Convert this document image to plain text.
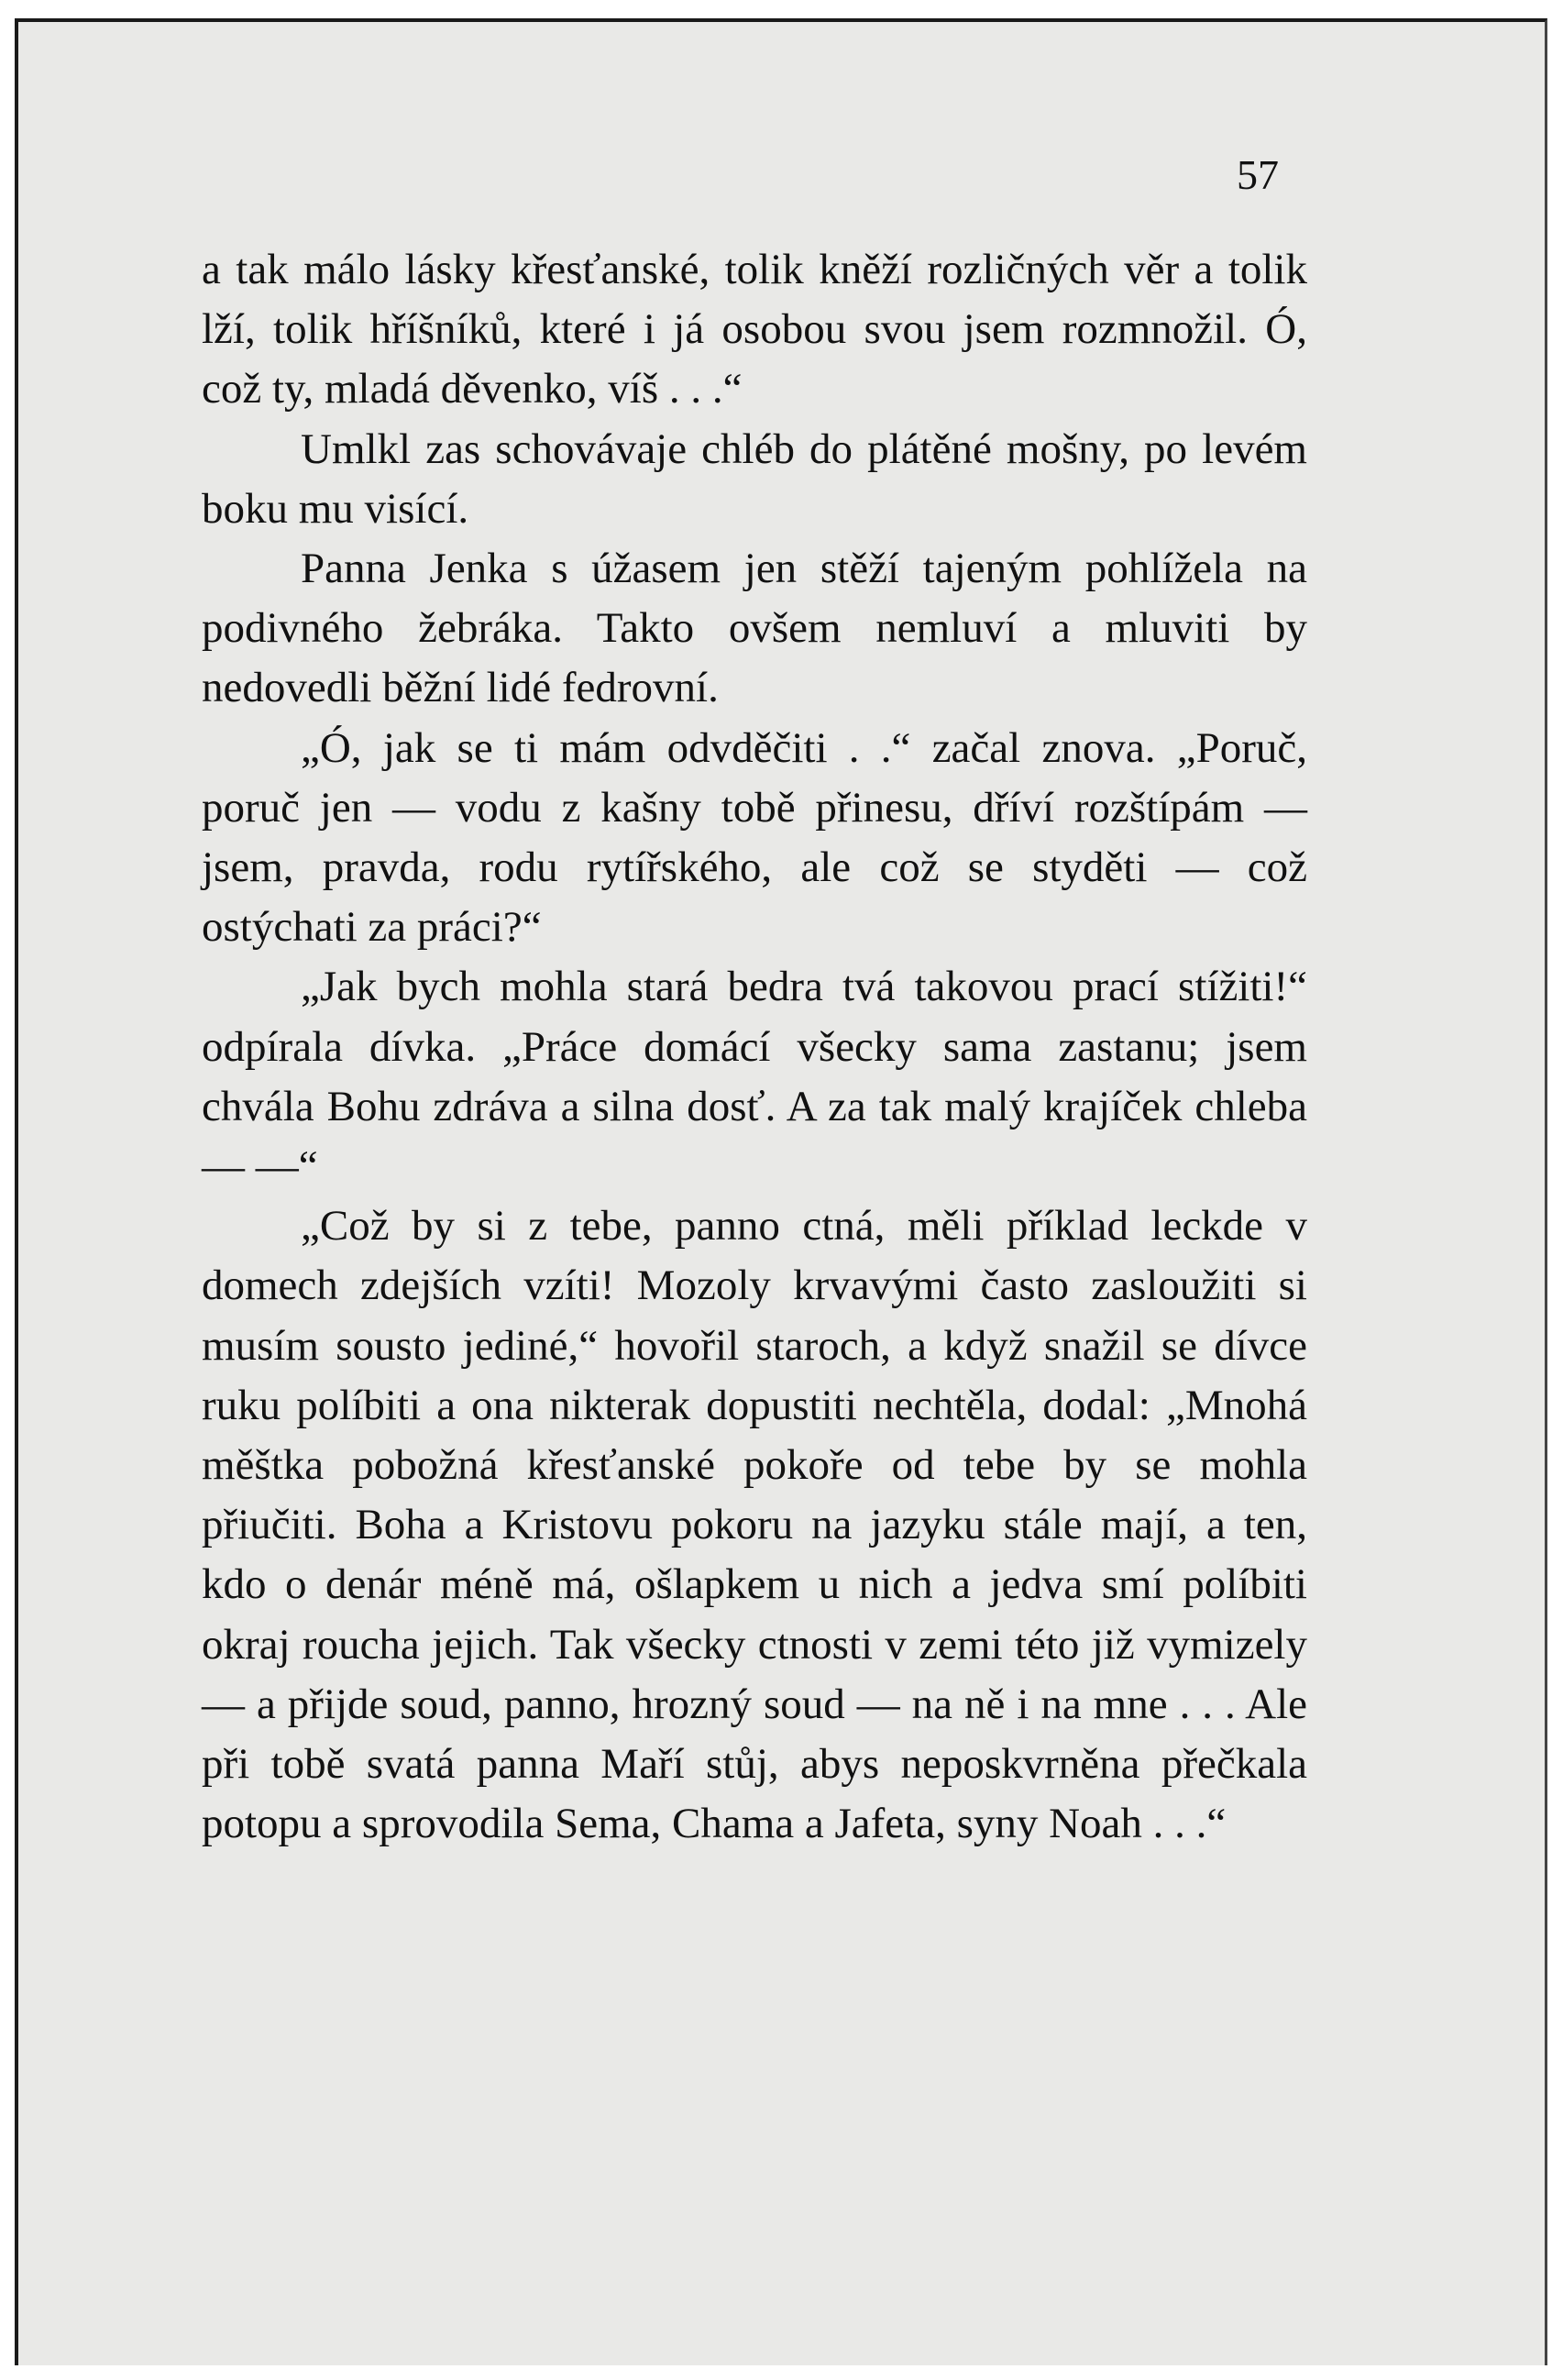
57

a tak málo lásky křesťanské, tolik kněží rozličných věr a tolik lží, tolik hříšníků, které i já osobou svou jsem rozmnožil. Ó, což ty, mladá děvenko, víš . . .“

Umlkl zas schovávaje chléb do plátěné mošny, po levém boku mu visící.

Panna Jenka s úžasem jen stěží tajeným pohlížela na podivného žebráka. Takto ovšem nemluví a mluviti by nedovedli běžní lidé fedrovní.

„Ó, jak se ti mám odvděčiti . .“ začal znova. „Poruč, poruč jen — vodu z kašny tobě přinesu, dříví rozštípám — jsem, pravda, rodu rytířského, ale což se styděti — což ostýchati za práci?“

„Jak bych mohla stará bedra tvá takovou prací stížiti!“ odpírala dívka. „Práce domácí všecky sama zastanu; jsem chvála Bohu zdráva a silna dosť. A za tak malý krajíček chleba — —“

„Což by si z tebe, panno ctná, měli příklad leckde v domech zdejších vzíti! Mozoly krvavými často zasloužiti si musím sousto jediné,“ hovořil staroch, a když snažil se dívce ruku políbiti a ona nikterak dopustiti nechtěla, dodal: „Mnohá měštka pobožná křesťanské pokoře od tebe by se mohla přiučiti. Boha a Kristovu pokoru na jazyku stále mají, a ten, kdo o denár méně má, ošlapkem u nich a jedva smí políbiti okraj roucha jejich. Tak všecky ctnosti v zemi této již vymizely — a přijde soud, panno, hrozný soud — na ně i na mne . . . Ale při tobě svatá panna Maří stůj, abys neposkvrněna přečkala potopu a sprovodila Sema, Chama a Jafeta, syny Noah . . .“
